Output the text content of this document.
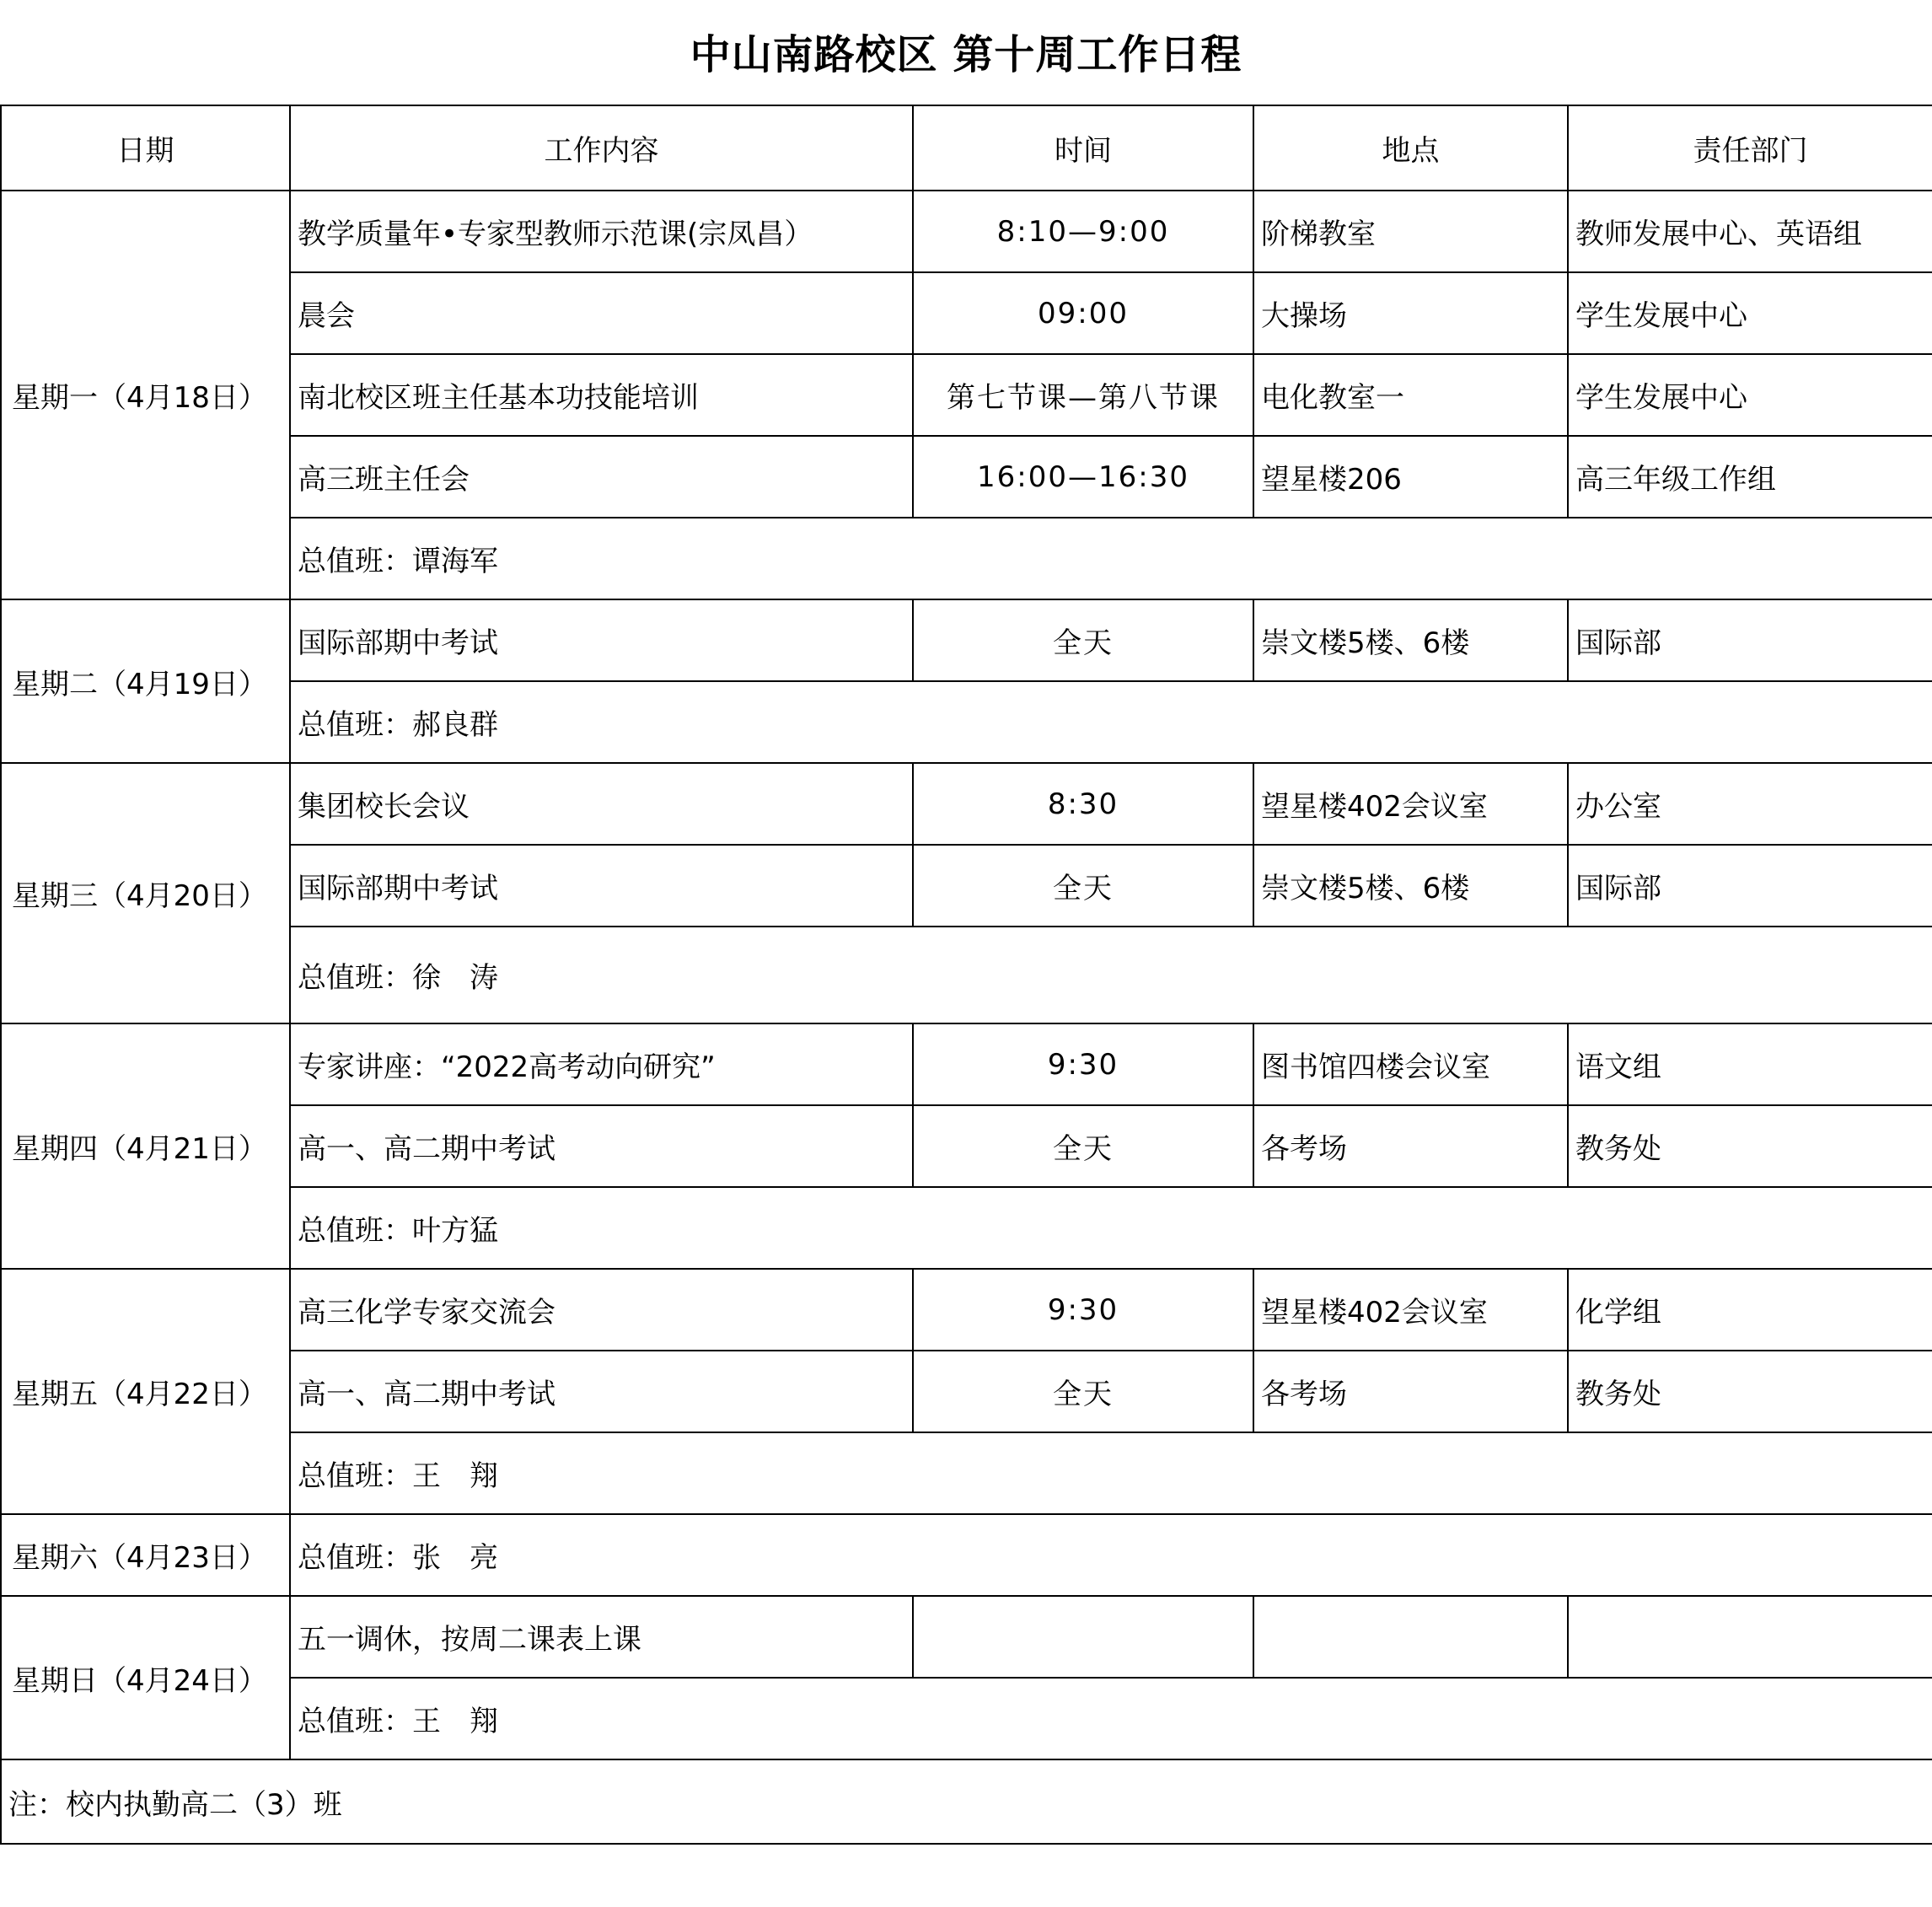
中山南路校区 第十周工作日程
日期	工作内容	时间	地点	责任部门
星期一（4月18日）	教学质量年•专家型教师示范课(宗凤昌）	8:10—9:00	阶梯教室	教师发展中心、英语组
	晨会	09:00	大操场	学生发展中心
	南北校区班主任基本功技能培训	第七节课—第八节课	电化教室一	学生发展中心
	高三班主任会	16:00—16:30	望星楼206	高三年级工作组
	总值班：谭海军			
星期二（4月19日）	国际部期中考试	全天	崇文楼5楼、6楼	国际部
	总值班：郝良群			
星期三（4月20日）	集团校长会议	8:30	望星楼402会议室	办公室
	国际部期中考试	全天	崇文楼5楼、6楼	国际部
	总值班：徐　涛			
星期四（4月21日）	专家讲座：“2022高考动向研究”	9:30	图书馆四楼会议室	语文组
	高一、高二期中考试	全天	各考场	教务处
	总值班：叶方猛			
星期五（4月22日）	高三化学专家交流会	9:30	望星楼402会议室	化学组
	高一、高二期中考试	全天	各考场	教务处
	总值班：王　翔			
星期六（4月23日）	总值班：张　亮			
星期日（4月24日）	五一调休，按周二课表上课			
	总值班：王　翔			
注：校内执勤高二（3）班				
